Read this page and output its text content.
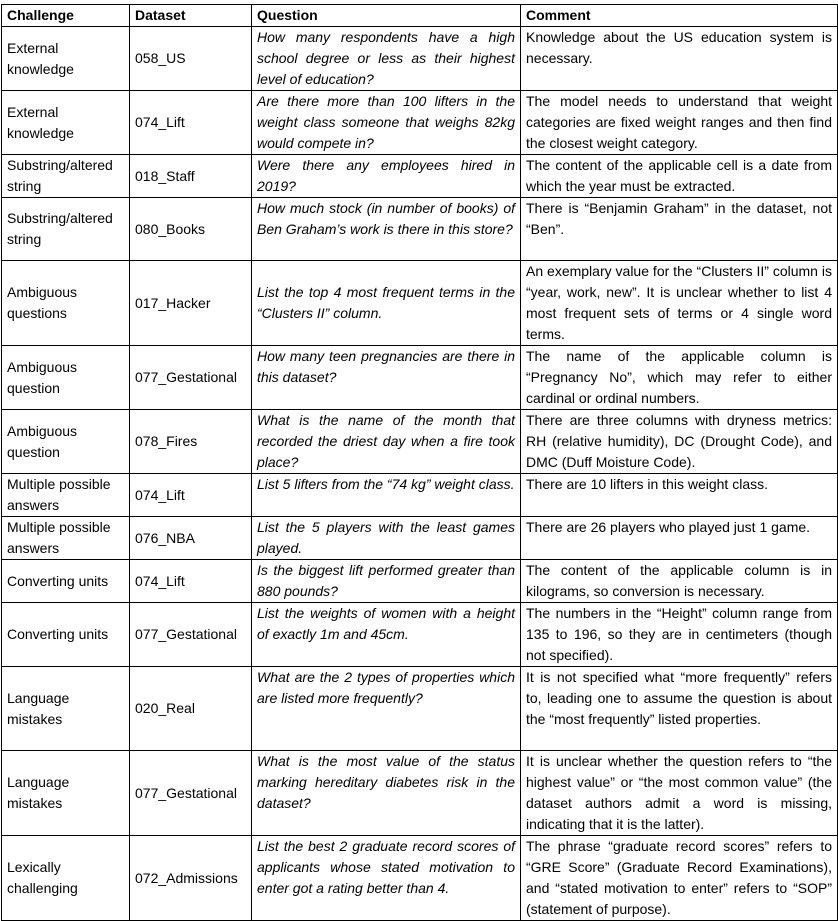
Challenge	Dataset	Question	Comment
External knowledge	058_US	How many respondents have a high school degree or less as their highest level of education?	Knowledge about the US education system is necessary.
External knowledge	074_Lift	Are there more than 100 lifters in the weight class someone that weighs 82kg would compete in?	The model needs to understand that weight categories are fixed weight ranges and then find the closest weight category.
Substring/altered string	018_Staff	Were there any employees hired in 2019?	The content of the applicable cell is a date from which the year must be extracted.
Substring/altered string	080_Books	How much stock (in number of books) of Ben Graham’s work is there in this store?	There is “Benjamin Graham” in the dataset, not “Ben”.
Ambiguous questions	017_Hacker	List the top 4 most frequent terms in the “Clusters II” column.	An exemplary value for the “Clusters II” column is “year, work, new”. It is unclear whether to list 4 most frequent sets of terms or 4 single word terms.
Ambiguous question	077_Gestational	How many teen pregnancies are there in this dataset?	The name of the applicable column is “Pregnancy No”, which may refer to either cardinal or ordinal numbers.
Ambiguous question	078_Fires	What is the name of the month that recorded the driest day when a fire took place?	There are three columns with dryness metrics: RH (relative humidity), DC (Drought Code), and DMC (Duff Moisture Code).
Multiple possible answers	074_Lift	List 5 lifters from the “74 kg” weight class.	There are 10 lifters in this weight class.
Multiple possible answers	076_NBA	List the 5 players with the least games played.	There are 26 players who played just 1 game.
Converting units	074_Lift	Is the biggest lift performed greater than 880 pounds?	The content of the applicable column is in kilograms, so conversion is necessary.
Converting units	077_Gestational	List the weights of women with a height of exactly 1m and 45cm.	The numbers in the “Height” column range from 135 to 196, so they are in centimeters (though not specified).
Language mistakes	020_Real	What are the 2 types of properties which are listed more frequently?	It is not specified what “more frequently” refers to, leading one to assume the question is about the “most frequently” listed properties.
Language mistakes	077_Gestational	What is the most value of the status marking hereditary diabetes risk in the dataset?	It is unclear whether the question refers to “the highest value” or “the most common value” (the dataset authors admit a word is missing, indicating that it is the latter).
Lexically challenging	072_Admissions	List the best 2 graduate record scores of applicants whose stated motivation to enter got a rating better than 4.	The phrase “graduate record scores” refers to “GRE Score” (Graduate Record Examinations), and “stated motivation to enter” refers to “SOP” (statement of purpose).
